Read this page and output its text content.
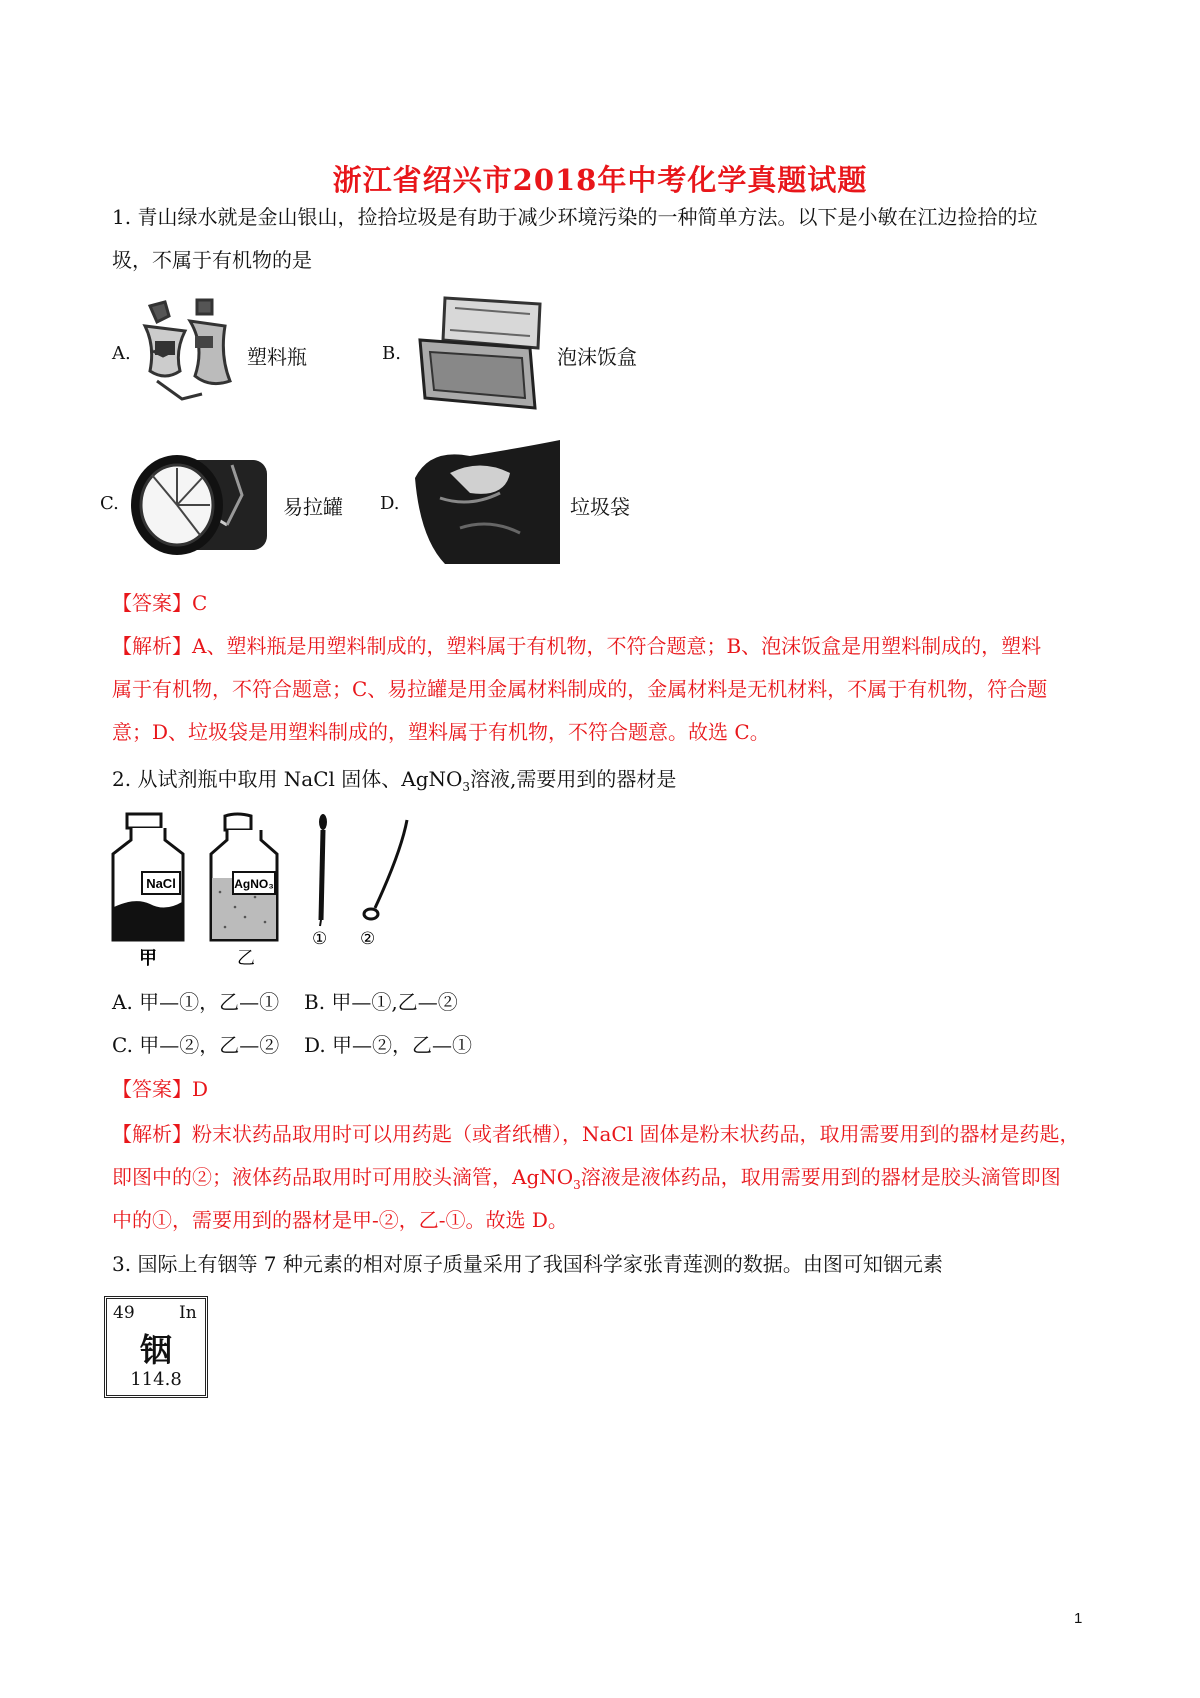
浙江省绍兴市2018年中考化学真题试题
1. 青山绿水就是金山银山，捡拾垃圾是有助于减少环境污染的一种简单方法。以下是小敏在江边捡拾的垃
圾，不属于有机物的是
A.	塑料瓶	B.	泡沫饭盒
C.	易拉罐 D.	垃圾袋
【答案】C
【解析】A、塑料瓶是用塑料制成的，塑料属于有机物，不符合题意；B、泡沫饭盒是用塑料制成的，塑料
属于有机物，不符合题意；C、易拉罐是用金属材料制成的，金属材料是无机材料，不属于有机物，符合题
意；D、垃圾袋是用塑料制成的，塑料属于有机物，不符合题意。故选 C。
2. 从试剂瓶中取用 NaCl 固体、AgNO$_3$溶液,需要用到的器材是
NaCl
甲
AgNO₃
乙
① ②
A. 甲—①，乙—① B. 甲—①,乙—②
C. 甲—②，乙—② D. 甲—②，乙—①
【答案】D
【解析】粉末状药品取用时可以用药匙（或者纸槽），NaCl 固体是粉末状药品，取用需要用到的器材是药匙，
即图中的②；液体药品取用时可用胶头滴管，AgNO$_3$溶液是液体药品，取用需要用到的器材是胶头滴管即图
中的①，需要用到的器材是甲-②，乙-①。故选 D。
3. 国际上有铟等 7 种元素的相对原子质量采用了我国科学家张青莲测的数据。由图可知铟元素
49	In
铟
114.8
1
